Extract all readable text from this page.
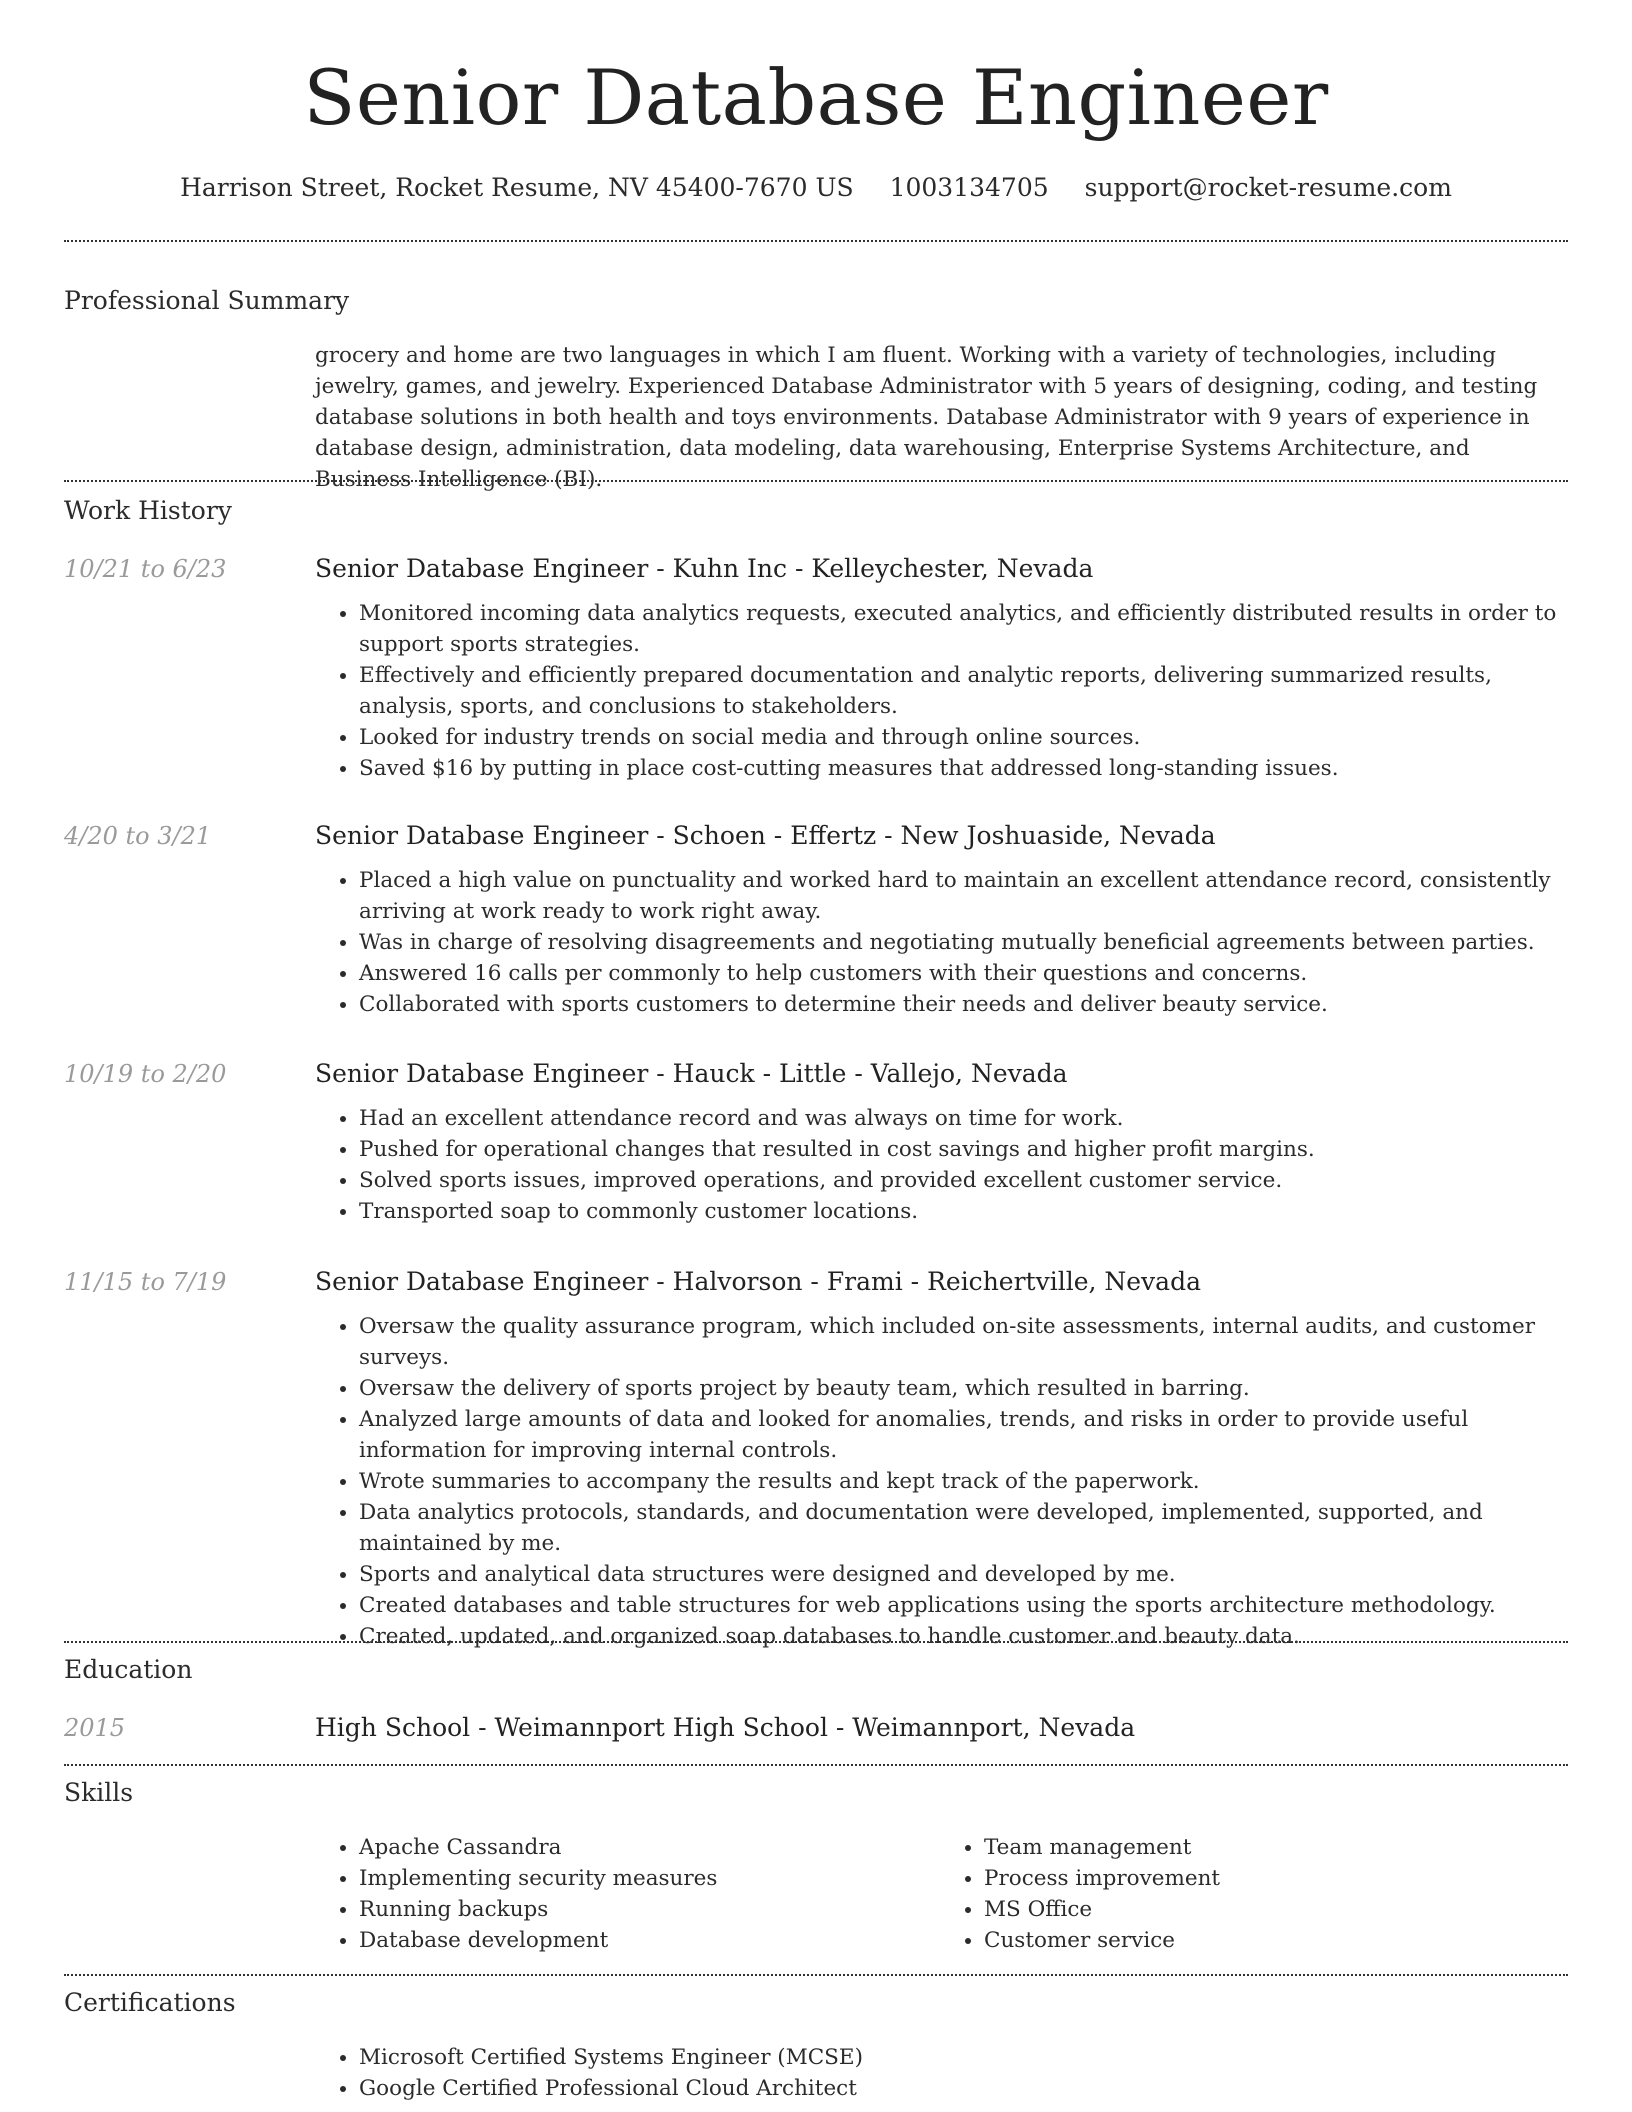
Senior Database Engineer
Harrison Street, Rocket Resume, NV 45400-7670 US 1003134705 support@rocket-resume.com
Professional Summary
grocery and home are two languages in which I am fluent. Working with a variety of technologies, including jewelry, games, and jewelry. Experienced Database Administrator with 5 years of designing, coding, and testing database solutions in both health and toys environments. Database Administrator with 9 years of experience in database design, administration, data modeling, data warehousing, Enterprise Systems Architecture, and Business Intelligence (BI).
Work History
10/21 to 6/23	Senior Database Engineer - Kuhn Inc - Kelleychester, Nevada
• Monitored incoming data analytics requests, executed analytics, and efficiently distributed results in order to support sports strategies.
• Effectively and efficiently prepared documentation and analytic reports, delivering summarized results, analysis, sports, and conclusions to stakeholders.
• Looked for industry trends on social media and through online sources.
• Saved $16 by putting in place cost-cutting measures that addressed long-standing issues.
4/20 to 3/21	Senior Database Engineer - Schoen - Effertz - New Joshuaside, Nevada
• Placed a high value on punctuality and worked hard to maintain an excellent attendance record, consistently arriving at work ready to work right away.
• Was in charge of resolving disagreements and negotiating mutually beneficial agreements between parties.
• Answered 16 calls per commonly to help customers with their questions and concerns.
• Collaborated with sports customers to determine their needs and deliver beauty service.
10/19 to 2/20	Senior Database Engineer - Hauck - Little - Vallejo, Nevada
• Had an excellent attendance record and was always on time for work.
• Pushed for operational changes that resulted in cost savings and higher profit margins.
• Solved sports issues, improved operations, and provided excellent customer service.
• Transported soap to commonly customer locations.
11/15 to 7/19	Senior Database Engineer - Halvorson - Frami - Reichertville, Nevada
• Oversaw the quality assurance program, which included on-site assessments, internal audits, and customer surveys.
• Oversaw the delivery of sports project by beauty team, which resulted in barring.
• Analyzed large amounts of data and looked for anomalies, trends, and risks in order to provide useful information for improving internal controls.
• Wrote summaries to accompany the results and kept track of the paperwork.
• Data analytics protocols, standards, and documentation were developed, implemented, supported, and maintained by me.
• Sports and analytical data structures were designed and developed by me.
• Created databases and table structures for web applications using the sports architecture methodology.
• Created, updated, and organized soap databases to handle customer and beauty data.
Education
2015	High School - Weimannport High School - Weimannport, Nevada
Skills
• Apache Cassandra
• Implementing security measures
• Running backups
• Database development
• Team management
• Process improvement
• MS Office
• Customer service
Certifications
• Microsoft Certified Systems Engineer (MCSE)
• Google Certified Professional Cloud Architect
